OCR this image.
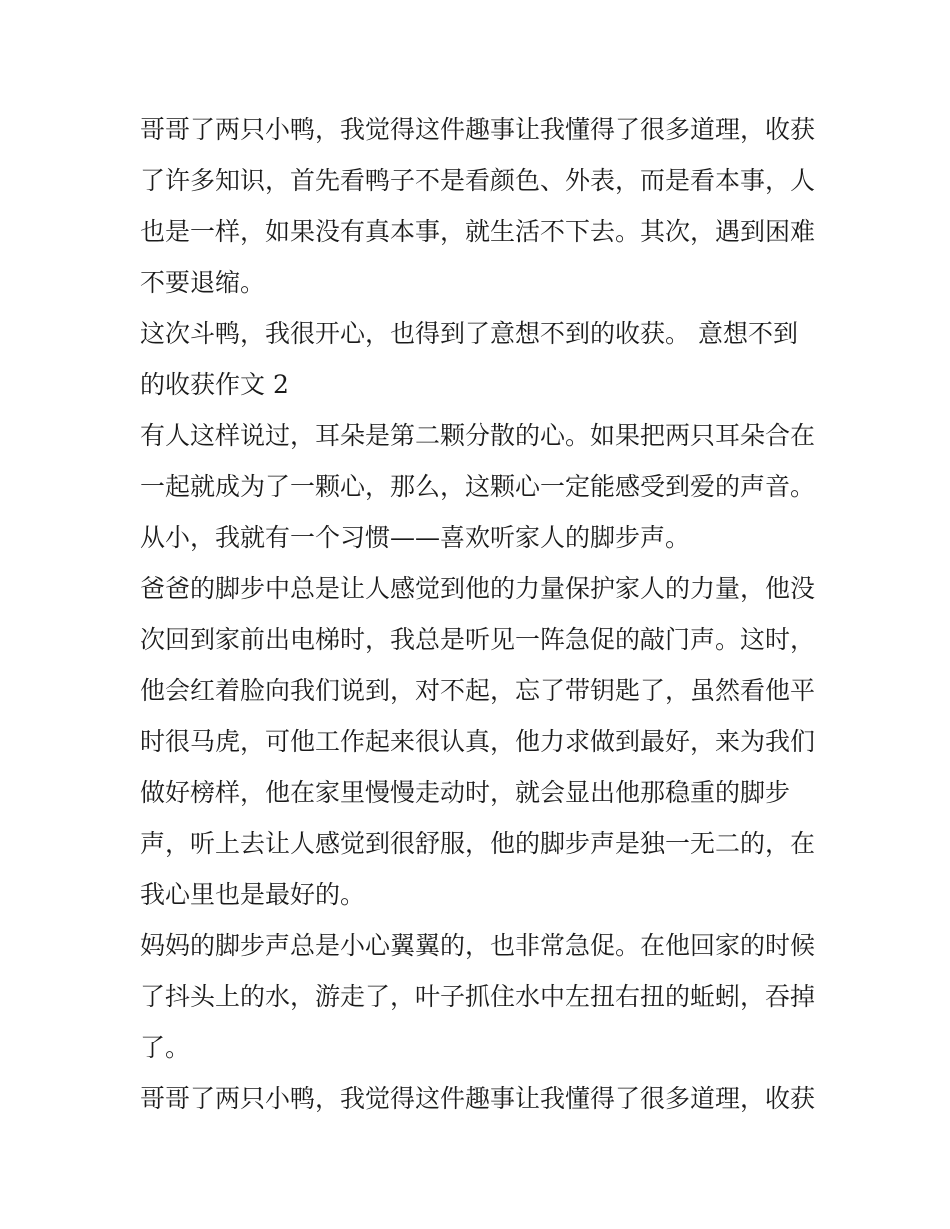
哥哥了两只小鸭，我觉得这件趣事让我懂得了很多道理，收获
了许多知识，首先看鸭子不是看颜色、外表，而是看本事，人
也是一样，如果没有真本事，就生活不下去。其次，遇到困难
不要退缩。
这次斗鸭，我很开心，也得到了意想不到的收获。 意想不到
的收获作文 2
有人这样说过，耳朵是第二颗分散的心。如果把两只耳朵合在
一起就成为了一颗心，那么，这颗心一定能感受到爱的声音。
从小，我就有一个习惯——喜欢听家人的脚步声。
爸爸的脚步中总是让人感觉到他的力量保护家人的力量，他没
次回到家前出电梯时，我总是听见一阵急促的敲门声。这时，
他会红着脸向我们说到，对不起，忘了带钥匙了，虽然看他平
时很马虎，可他工作起来很认真，他力求做到最好，来为我们
做好榜样，他在家里慢慢走动时，就会显出他那稳重的脚步
声，听上去让人感觉到很舒服，他的脚步声是独一无二的，在
我心里也是最好的。
妈妈的脚步声总是小心翼翼的，也非常急促。在他回家的时候
了抖头上的水，游走了，叶子抓住水中左扭右扭的蚯蚓，吞掉
了。
哥哥了两只小鸭，我觉得这件趣事让我懂得了很多道理，收获
